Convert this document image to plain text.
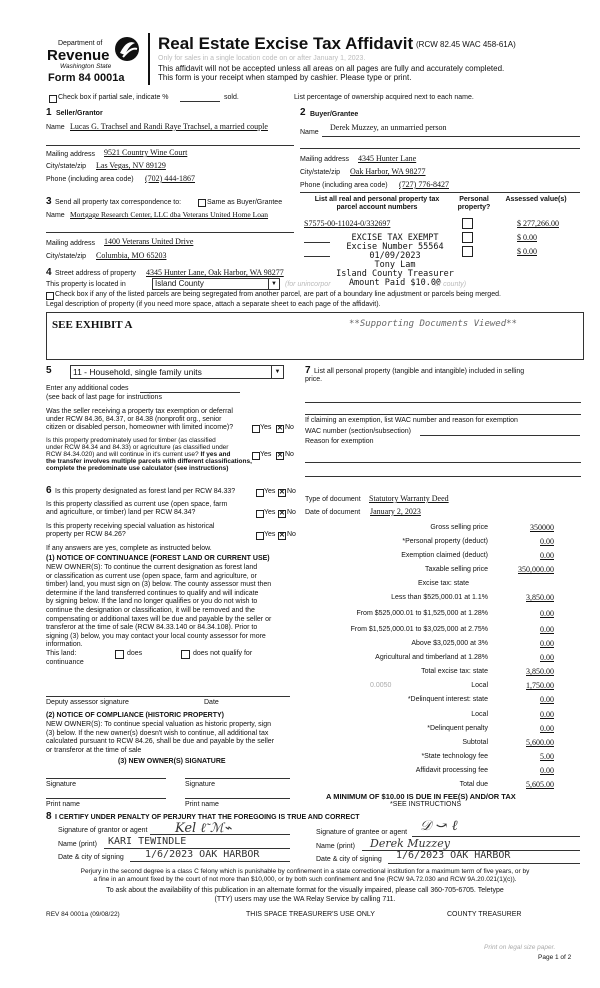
Department of
Revenue
Washington State
Form 84 0001a
Real Estate Excise Tax Affidavit (RCW 82.45 WAC 458-61A)
Only for sales in a single location code on or after January 1, 2023.
This affidavit will not be accepted unless all areas on all pages are fully and accurately completed.
This form is your receipt when stamped by cashier. Please type or print.
Check box if partial sale, indicate %	sold.	List percentage of ownership acquired next to each name.
1 Seller/Grantor
Name Lucas G. Trachsel and Randi Raye Trachsel, a married couple
Mailing address 9521 Country Wine Court
City/state/zip Las Vegas, NV 89129
Phone (including area code) (702) 444-1867
2 Buyer/Grantee
Name
Derek Muzzey, an unmarried person
Mailing address 4345 Hunter Lane
City/state/zip Oak Harbor, WA 98277
Phone (including area code) (727) 776-8427
3 Send all property tax correspondence to:	Same as Buyer/Grantee
Name Mortgage Research Center, LLC dba Veterans United Home Loan
Mailing address 1400 Veterans United Drive
City/state/zip Columbia, MO 65203
List all real and personal property tax parcel account numbers
Personal property?
Assessed value(s)
S7575-00-11024-0/332697	$ 277,266.00
$ 0.00
$ 0.00
EXCISE TAX EXEMPT
Excise Number 55564
01/09/2023
Tony Lam
Island County Treasurer
Amount Paid $10.00
4 Street address of property 4345 Hunter Lane, Oak Harbor, WA 98277
This property is located in	Island County	▼ (for unincorpor	ur county)
Check box if any of the listed parcels are being segregated from another parcel, are part of a boundary line adjustment or parcels being merged.
Legal description of property (if you need more space, attach a separate sheet to each page of the affidavit).
SEE EXHIBIT A	**Supporting Documents Viewed**
5	11 - Household, single family units	▼
Enter any additional codes
(see back of last page for instructions
Was the seller receiving a property tax exemption or deferral
under RCW 84.36, 84.37, or 84.38 (nonprofit org., senior
citizen or disabled person, homeowner with limited income)?	Yes ✕ No
Is this property predominately used for timber (as classified
under RCW 84.34 and 84.33) or agriculture (as classified under
RCW 84.34.020) and will continue in it's current use? If yes and
the transfer involves multiple parcels with different classifications,
complete the predominate use calculator (see instructions)
Yes ✕ No
6 Is this property designated as forest land per RCW 84.33?	Yes ✕ No
Is this property classified as current use (open space, farm
and agriculture, or timber) land per RCW 84.34?	Yes ✕ No
Is this property receiving special valuation as historical
property per RCW 84.26?	Yes ✕ No
If any answers are yes, complete as instructed below.
(1) NOTICE OF CONTINUANCE (FOREST LAND OR CURRENT USE)
NEW OWNER(S): To continue the current designation as forest land
or classification as current use (open space, farm and agriculture, or
timber) land, you must sign on (3) below. The county assessor must then
determine if the land transferred continues to qualify and will indicate
by signing below. If the land no longer qualifies or you do not wish to
continue the designation or classification, it will be removed and the
compensating or additional taxes will be due and payable by the seller or
transferor at the time of sale (RCW 84.33.140 or 84.34.108). Prior to
signing (3) below, you may contact your local county assessor for more
information.
This land:
continuance
does	does not qualify for
Deputy assessor signature	Date
(2) NOTICE OF COMPLIANCE (HISTORIC PROPERTY)
NEW OWNER(S): To continue special valuation as historic property, sign
(3) below. If the new owner(s) doesn't wish to continue, all additional tax
calculated pursuant to RCW 84.26, shall be due and payable by the seller
or transferor at the time of sale
(3) NEW OWNER(S) SIGNATURE
Signature	Signature
Print name	Print name
7 List all personal property (tangible and intangible) included in selling
price.
If claiming an exemption, list WAC number and reason for exemption
WAC number (section/subsection)
Reason for exemption
Type of document Statutory Warranty Deed
Date of document January 2, 2023
Gross selling price	350000
*Personal property (deduct)	0.00
Exemption claimed (deduct)	0.00
Taxable selling price	350,000.00
Excise tax: state
Less than $525,000.01 at 1.1%	3,850.00
From $525,000.01 to $1,525,000 at 1.28%	0.00
From $1,525,000.01 to $3,025,000 at 2.75%	0.00
Above $3,025,000 at 3%	0.00
Agricultural and timberland at 1.28%	0.00
Total excise tax: state	3,850.00
0.0050	Local	1,750.00
*Delinquent interest: state	0.00
Local	0.00
*Delinquent penalty	0.00
Subtotal	5,600.00
*State technology fee	5.00
Affidavit processing fee	0.00
Total due	5,605.00
A MINIMUM OF $10.00 IS DUE IN FEE(S) AND/OR TAX
*SEE INSTRUCTIONS
8 I CERTIFY UNDER PENALTY OF PERJURY THAT THE FOREGOING IS TRUE AND CORRECT
Signature of grantor or agent Kel ℓ̃ ℳ⌁
Name (print) KARI TEWINDLE
Date & city of signing 1/6/2023 OAK HARBOR
Signature of grantee or agent 𝒟 ⤻ ℓ
Name (print) Derek Muzzey
Date & city of signing 1/6/2023 OAK HARBOR
Perjury in the second degree is a class C felony which is punishable by confinement in a state correctional institution for a maximum term of five years, or by
a fine in an amount fixed by the court of not more than $10,000, or by both such confinement and fine (RCW 9A.72.030 and RCW 9A.20.021(1)(c)).
To ask about the availability of this publication in an alternate format for the visually impaired, please call 360-705-6705. Teletype
(TTY) users may use the WA Relay Service by calling 711.
REV 84 0001a (09/08/22)	THIS SPACE TREASURER'S USE ONLY	COUNTY TREASURER
Print on legal size paper.
Page 1 of 2
